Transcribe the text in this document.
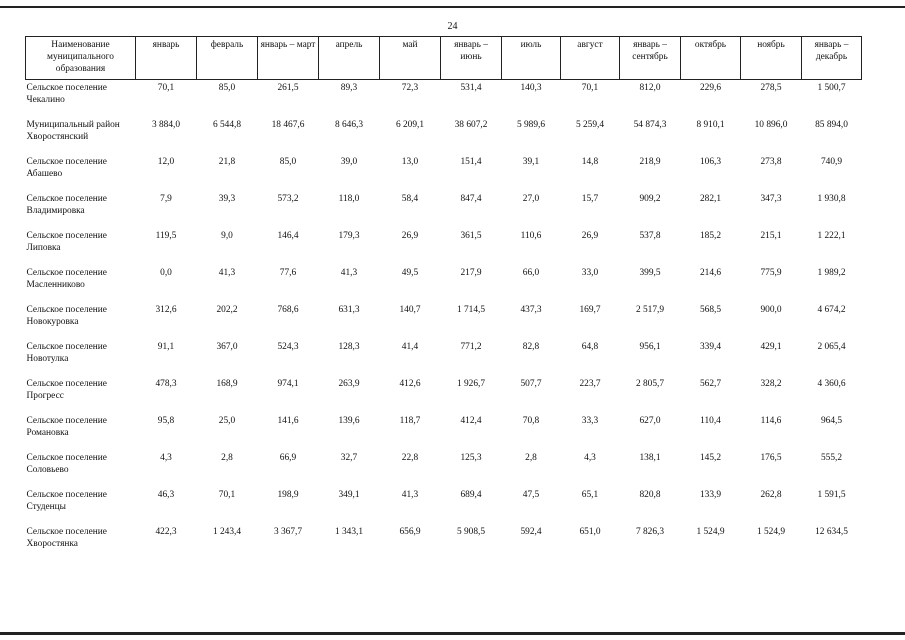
24
Наименование муниципального образования	январь	февраль	январь – март	апрель	май	январь – июнь	июль	август	январь – сентябрь	октябрь	ноябрь	январь – декабрь
Сельское поселение Чекалино	70,1	85,0	261,5	89,3	72,3	531,4	140,3	70,1	812,0	229,6	278,5	1 500,7
Муниципальный район Хворостянский	3 884,0	6 544,8	18 467,6	8 646,3	6 209,1	38 607,2	5 989,6	5 259,4	54 874,3	8 910,1	10 896,0	85 894,0
Сельское поселение Абашево	12,0	21,8	85,0	39,0	13,0	151,4	39,1	14,8	218,9	106,3	273,8	740,9
Сельское поселение Владимировка	7,9	39,3	573,2	118,0	58,4	847,4	27,0	15,7	909,2	282,1	347,3	1 930,8
Сельское поселение Липовка	119,5	9,0	146,4	179,3	26,9	361,5	110,6	26,9	537,8	185,2	215,1	1 222,1
Сельское поселение Масленниково	0,0	41,3	77,6	41,3	49,5	217,9	66,0	33,0	399,5	214,6	775,9	1 989,2
Сельское поселение Новокуровка	312,6	202,2	768,6	631,3	140,7	1 714,5	437,3	169,7	2 517,9	568,5	900,0	4 674,2
Сельское поселение Новотулка	91,1	367,0	524,3	128,3	41,4	771,2	82,8	64,8	956,1	339,4	429,1	2 065,4
Сельское поселение Прогресс	478,3	168,9	974,1	263,9	412,6	1 926,7	507,7	223,7	2 805,7	562,7	328,2	4 360,6
Сельское поселение Романовка	95,8	25,0	141,6	139,6	118,7	412,4	70,8	33,3	627,0	110,4	114,6	964,5
Сельское поселение Соловьево	4,3	2,8	66,9	32,7	22,8	125,3	2,8	4,3	138,1	145,2	176,5	555,2
Сельское поселение Студенцы	46,3	70,1	198,9	349,1	41,3	689,4	47,5	65,1	820,8	133,9	262,8	1 591,5
Сельское поселение Хворостянка	422,3	1 243,4	3 367,7	1 343,1	656,9	5 908,5	592,4	651,0	7 826,3	1 524,9	1 524,9	12 634,5
